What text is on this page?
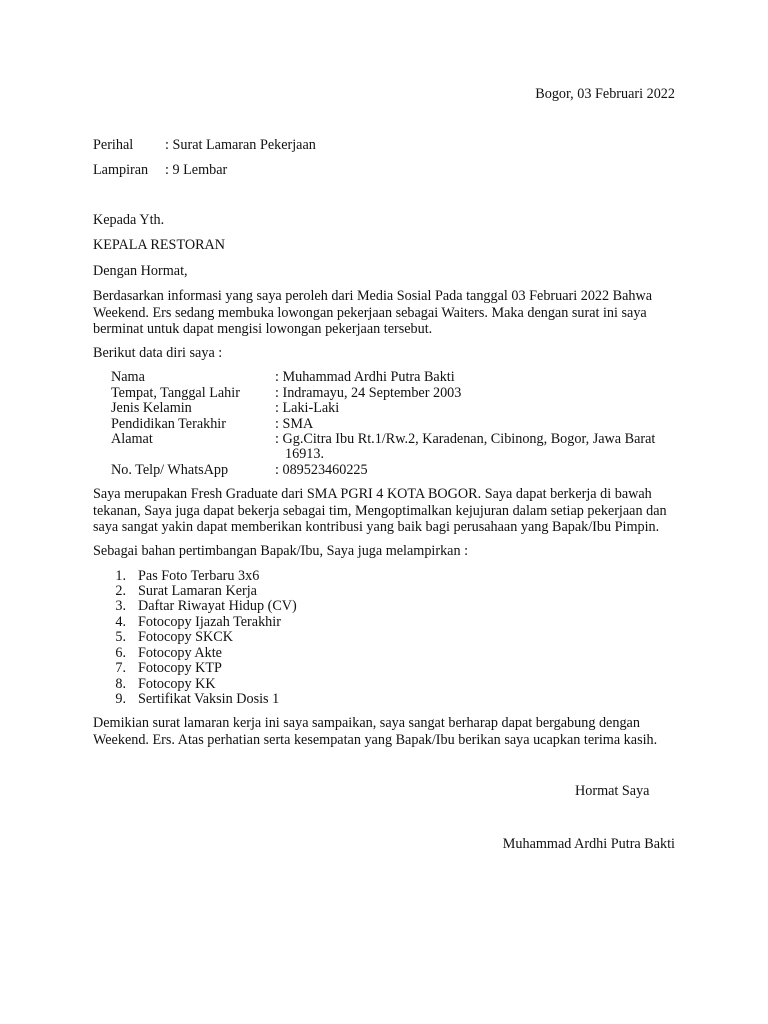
Bogor, 03 Februari 2022
Perihal : Surat Lamaran Pekerjaan
Lampiran : 9 Lembar
Kepada Yth.
KEPALA RESTORAN
Dengan Hormat,
Berdasarkan informasi yang saya peroleh dari Media Sosial Pada tanggal 03 Februari 2022 Bahwa Weekend. Ers sedang membuka lowongan pekerjaan sebagai Waiters. Maka dengan surat ini saya berminat untuk dapat mengisi lowongan pekerjaan tersebut.
Berikut data diri saya :
Nama	: Muhammad Ardhi Putra Bakti
Tempat, Tanggal Lahir : Indramayu, 24 September 2003
Jenis Kelamin	: Laki-Laki
Pendidikan Terakhir	: SMA
Alamat	: Gg.Citra Ibu Rt.1/Rw.2, Karadenan, Cibinong, Bogor, Jawa Barat
16913.
No. Telp/ WhatsApp	: 089523460225
Saya merupakan Fresh Graduate dari SMA PGRI 4 KOTA BOGOR. Saya dapat berkerja di bawah tekanan, Saya juga dapat bekerja sebagai tim, Mengoptimalkan kejujuran dalam setiap pekerjaan dan saya sangat yakin dapat memberikan kontribusi yang baik bagi perusahaan yang Bapak/Ibu Pimpin.
Sebagai bahan pertimbangan Bapak/Ibu, Saya juga melampirkan :
1. Pas Foto Terbaru 3x6
2. Surat Lamaran Kerja
3. Daftar Riwayat Hidup (CV)
4. Fotocopy Ijazah Terakhir
5. Fotocopy SKCK
6. Fotocopy Akte
7. Fotocopy KTP
8. Fotocopy KK
9. Sertifikat Vaksin Dosis 1
Demikian surat lamaran kerja ini saya sampaikan, saya sangat berharap dapat bergabung dengan Weekend. Ers. Atas perhatian serta kesempatan yang Bapak/Ibu berikan saya ucapkan terima kasih.
Hormat Saya
Muhammad Ardhi Putra Bakti
